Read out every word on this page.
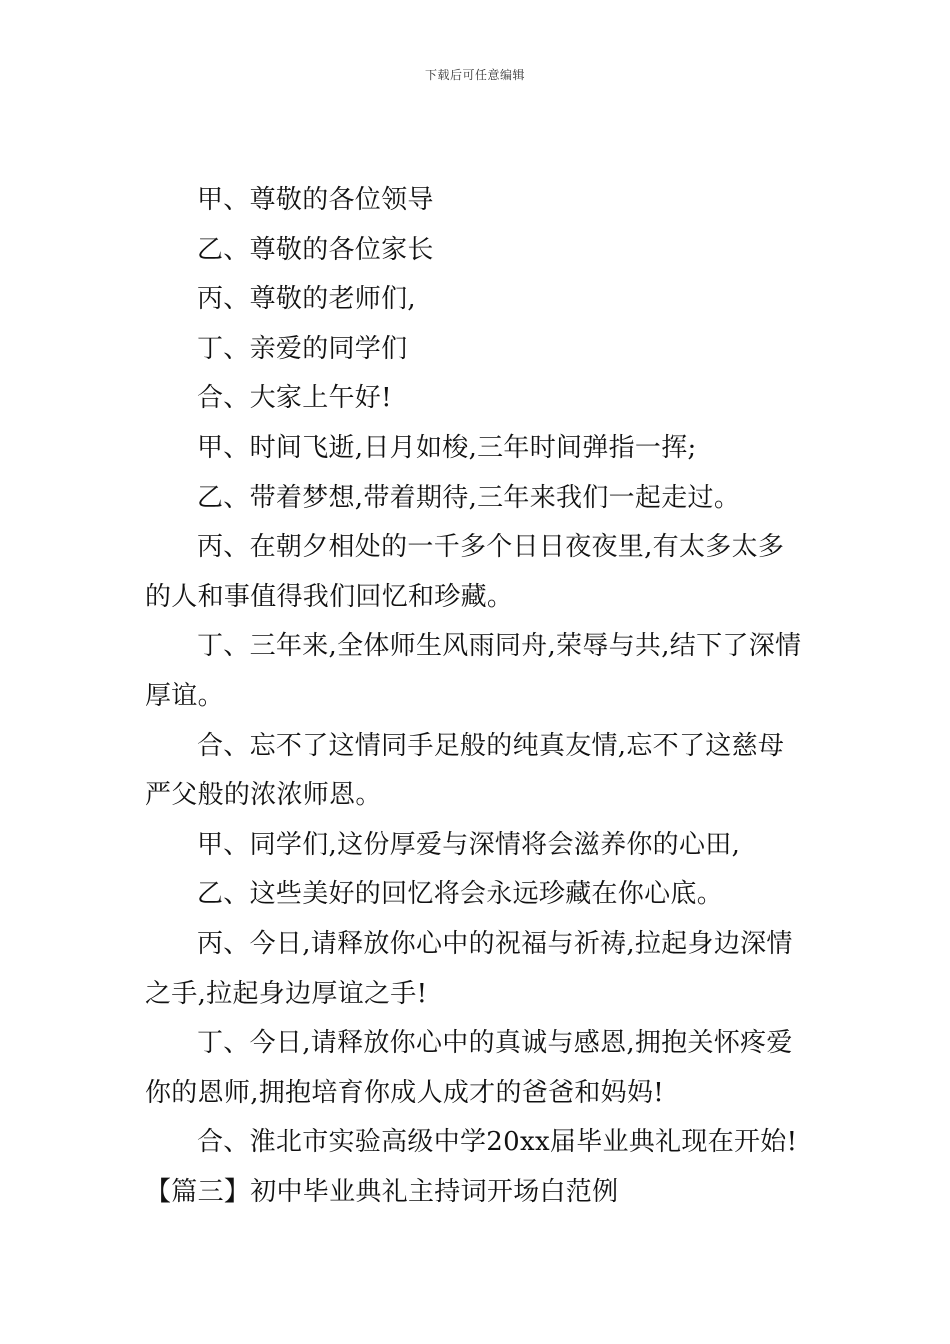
下载后可任意编辑

甲、尊敬的各位领导

乙、尊敬的各位家长

丙、尊敬的老师们,

丁、亲爱的同学们

合、大家上午好!

甲、时间飞逝,日月如梭,三年时间弹指一挥;

乙、带着梦想,带着期待,三年来我们一起走过。

丙、在朝夕相处的一千多个日日夜夜里,有太多太多的人和事值得我们回忆和珍藏。

丁、三年来,全体师生风雨同舟,荣辱与共,结下了深情厚谊。

合、忘不了这情同手足般的纯真友情,忘不了这慈母严父般的浓浓师恩。

甲、同学们,这份厚爱与深情将会滋养你的心田,

乙、这些美好的回忆将会永远珍藏在你心底。

丙、今日,请释放你心中的祝福与祈祷,拉起身边深情之手,拉起身边厚谊之手!

丁、今日,请释放你心中的真诚与感恩,拥抱关怀疼爱你的恩师,拥抱培育你成人成才的爸爸和妈妈!

合、淮北市实验高级中学20xx届毕业典礼现在开始!

【篇三】初中毕业典礼主持词开场白范例
